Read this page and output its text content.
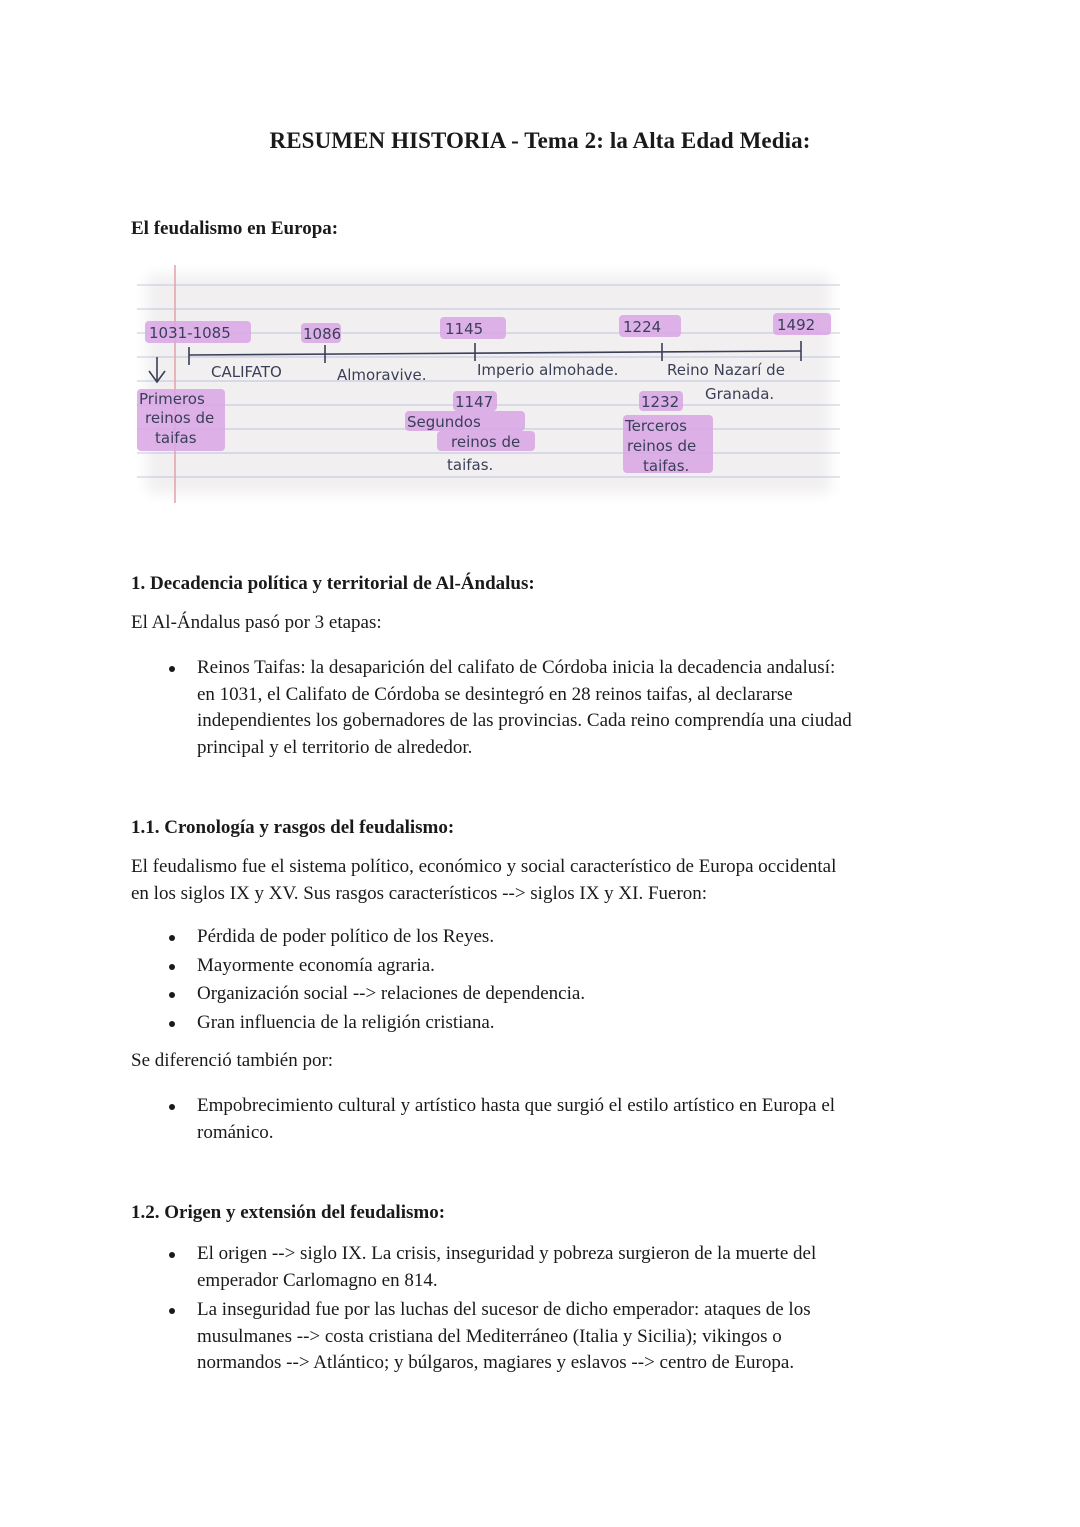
RESUMEN HISTORIA - Tema 2: la Alta Edad Media:
El feudalismo en Europa:
1031-1085	1086	1145	1224	1492
CALIFATO	Almoravive.	Imperio almohade.	Reino Nazarí de
Granada.
Primeros
reinos de
taifas
1147
Segundos
reinos de
taifas.
1232
Terceros
reinos de
taifas.
1. Decadencia política y territorial de Al-Ándalus:

El Al-Ándalus pasó por 3 etapas:

Reinos Taifas: la desaparición del califato de Córdoba inicia la decadencia andalusí:
en 1031, el Califato de Córdoba se desintegró en 28 reinos taifas, al declararse
independientes los gobernadores de las provincias. Cada reino comprendía una ciudad
principal y el territorio de alrededor.
1.1. Cronología y rasgos del feudalismo:

El feudalismo fue el sistema político, económico y social característico de Europa occidental
en los siglos IX y XV. Sus rasgos característicos --> siglos IX y XI. Fueron:

Pérdida de poder político de los Reyes.
Mayormente economía agraria.
Organización social --> relaciones de dependencia.
Gran influencia de la religión cristiana.

Se diferenció también por:

Empobrecimiento cultural y artístico hasta que surgió el estilo artístico en Europa el
románico.
1.2. Origen y extensión del feudalismo:
El origen --> siglo IX. La crisis, inseguridad y pobreza surgieron de la muerte del
emperador Carlomagno en 814.
La inseguridad fue por las luchas del sucesor de dicho emperador: ataques de los
musulmanes --> costa cristiana del Mediterráneo (Italia y Sicilia); vikingos o
normandos --> Atlántico; y búlgaros, magiares y eslavos --> centro de Europa.
